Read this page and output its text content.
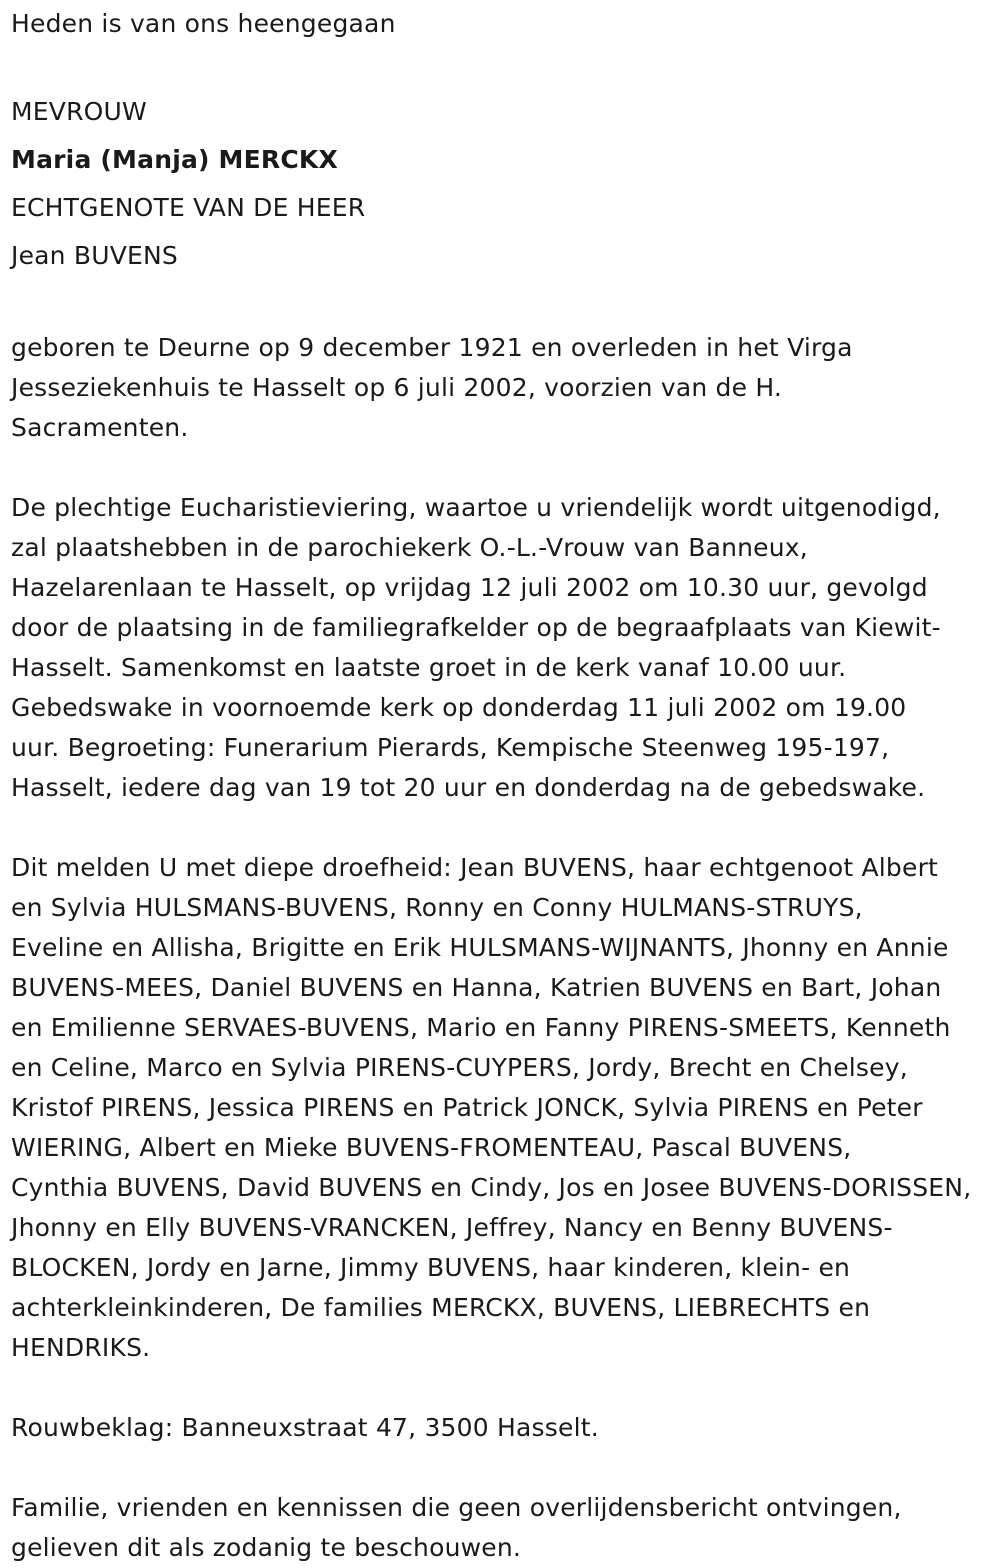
Heden is van ons heengegaan
MEVROUW
Maria (Manja) MERCKX
ECHTGENOTE VAN DE HEER
Jean BUVENS
geboren te Deurne op 9 december 1921 en overleden in het Virga
Jesseziekenhuis te Hasselt op 6 juli 2002, voorzien van de H.
Sacramenten.
De plechtige Eucharistieviering, waartoe u vriendelijk wordt uitgenodigd,
zal plaatshebben in de parochiekerk O.-L.-Vrouw van Banneux,
Hazelarenlaan te Hasselt, op vrijdag 12 juli 2002 om 10.30 uur, gevolgd
door de plaatsing in de familiegrafkelder op de begraafplaats van Kiewit-
Hasselt. Samenkomst en laatste groet in de kerk vanaf 10.00 uur.
Gebedswake in voornoemde kerk op donderdag 11 juli 2002 om 19.00
uur. Begroeting: Funerarium Pierards, Kempische Steenweg 195-197,
Hasselt, iedere dag van 19 tot 20 uur en donderdag na de gebedswake.
Dit melden U met diepe droefheid: Jean BUVENS, haar echtgenoot Albert
en Sylvia HULSMANS-BUVENS, Ronny en Conny HULMANS-STRUYS,
Eveline en Allisha, Brigitte en Erik HULSMANS-WIJNANTS, Jhonny en Annie
BUVENS-MEES, Daniel BUVENS en Hanna, Katrien BUVENS en Bart, Johan
en Emilienne SERVAES-BUVENS, Mario en Fanny PIRENS-SMEETS, Kenneth
en Celine, Marco en Sylvia PIRENS-CUYPERS, Jordy, Brecht en Chelsey,
Kristof PIRENS, Jessica PIRENS en Patrick JONCK, Sylvia PIRENS en Peter
WIERING, Albert en Mieke BUVENS-FROMENTEAU, Pascal BUVENS,
Cynthia BUVENS, David BUVENS en Cindy, Jos en Josee BUVENS-DORISSEN,
Jhonny en Elly BUVENS-VRANCKEN, Jeffrey, Nancy en Benny BUVENS-
BLOCKEN, Jordy en Jarne, Jimmy BUVENS, haar kinderen, klein- en
achterkleinkinderen, De families MERCKX, BUVENS, LIEBRECHTS en
HENDRIKS.
Rouwbeklag: Banneuxstraat 47, 3500 Hasselt.
Familie, vrienden en kennissen die geen overlijdensbericht ontvingen,
gelieven dit als zodanig te beschouwen.
